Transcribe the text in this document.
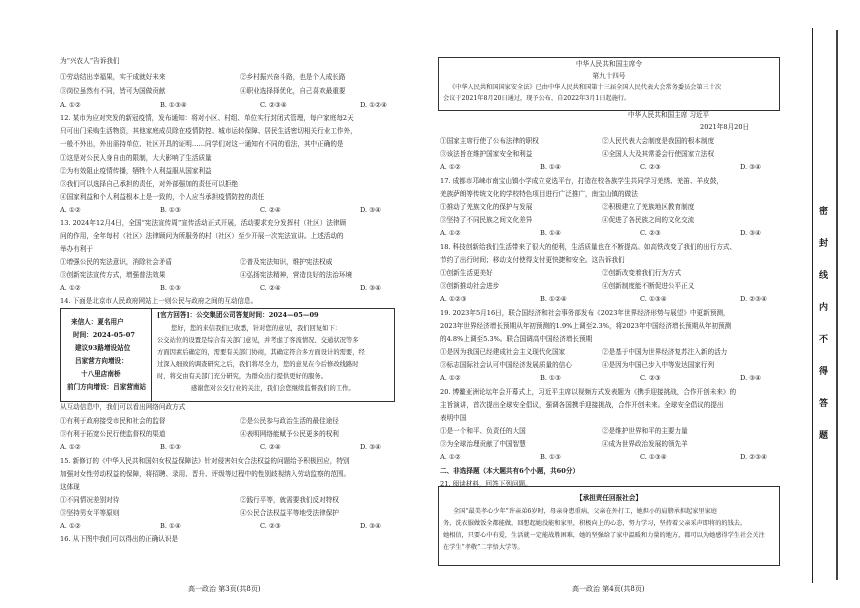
为“兴农人”告诉我们
①劳动结出幸福果，实干成就好未来	②乡村振兴奋斗路，也是个人成长路
③岗位虽然有不同，皆可为国做贡献	④职业选择择优化，自己喜欢最重要
A. ①②	B. ①③④	C. ②③④	D. ①②④
12. 某市为应对突发的新冠疫情，发布通知：将对小区、村组、单位实行封闭式管理，每户家庭每2天
只可出门采购生活物资，其他家庭成员除在疫情防控、城市运转保障、居民生活密切相关行业工作外，
一般不外出，外出需持单位、社区开具的证明……同学们对这一通知有不同的看法，其中正确的是
①这是对公民人身自由的限制，大大影响了生活质量
②为有效阻止疫情传播，牺牲个人利益服从国家利益
③我们可以选择自己承担的责任，对外部强加的责任可以拒绝
④国家利益和个人利益根本上是一致的，个人应当承担疫情防控的责任
A. ①②	B. ①③	C. ②④	D. ③④
13. 2024年12月4日，全国“宪法宣传周”宣传活动正式开展，活动要求充分发挥村（社区）法律顾
问的作用，全年每村（社区）法律顾问为所服务的村（社区）至少开展一次宪法宣讲。上述活动的
举办有利于
①增强公民的宪法意识，消除社会矛盾	②普及宪法知识，维护宪法权威
③创新宪法宣传方式，增强普法效果	④弘扬宪法精神，营造良好的法治环境
A. ①②	B. ①③	C. ②④	D. ③④
14. 下面是北京市人民政府网站上一则公民与政府之间的互动信息。
来信人：夏名用户
时间：2024-05-07
建议93路增设站位
吕家营方向增设：
十八里店南桥
前门方向增设：吕家营南站
[官方回答]：公交集团公司答复时间：2024—05—09
您好，您的来信我们已收悉，针对您的意见，我们回复如下：
公交站位的设置是综合有关部门意见，并考虑了客流情况、交通状况等多
方面因素后确定的，需要有关部门协商，其确定符合多方面设计的需要，经
过深入细致的调查研究之后，我们将尽全力，您的意见在今后修改线路时
时，将交由有关部门充分研究，为群众出行提供更好的服务。
感谢您对公交行业的关注，我们会您继续监督我们的工作。
从互动信息中，我们可以看出网络问政方式
①有利于政府接受市民和社会的监督	②是公民参与政治生活的最佳途径
③有利于拓宽公民行使监督权的渠道	④表明网络能赋予公民更多的权利
A. ①②	B. ①③	C. ②④	D. ③④
15. 新修订的《中华人民共和国妇女权益保障法》针对侵害妇女合法权益的问题给予积极回应，特别
加强对女性劳动权益的保障，将招聘、录用、晋升、评级等过程中的性别歧视纳入劳动监察的范围。
这体现
①不同情况差别对待	②践行平等，就需要我们反对特权
③坚持男女平等原则	④公民合法权益平等地受法律保护
A. ①②	B. ①④	C. ②③	D. ③④
16. 从下图中我们可以得出的正确认识是
高一政治 第3页(共8页)
中华人民共和国主席令
第九十四号
《中华人民共和国国家安全法》已由中华人民共和国第十三届全国人民代表大会常务委员会第三十次
会议于2021年8月20日通过，现予公布，自2022年3月1日起施行。
中华人民共和国主席 习近平
2021年8月20日
①国家主席行使了公布法律的职权	②人民代表大会制度是我国的根本制度
③该法旨在维护国家安全和利益	④全国人大及其常委会行使国家立法权
A. ①②	B. ①④	C. ②③	D. ③④
17. 成都市邛崃市南宝山镇小学成立竞选平台，打造在校各族学生共同学习羌绣、羌笛、羊皮鼓，
羌族萨朗等传统文化的学校特色项目进行广泛推广，南宝山镇的做法
①推动了羌族文化的保护与发展	②积极建立了羌族地区教育制度
③坚持了不同民族之间文化差异	④促进了各民族之间的文化交流
A. ①②	B. ①④	C. ②③	D. ③④
18. 科技创新给我们生活带来了很大的便利，生活质量也在不断提高。如高铁改变了我们的出行方式、
节约了出行时间；移动支付使得支付更快捷和安全。这告诉我们
①创新生活更美好	②创新改变着我们行为方式
③创新推动社会进步	④创新制度能不断促进公平正义
A. ①②③	B. ①②④	C. ①③④	D. ②③④
19. 2023年5月16日，联合国经济和社会事务部发布《2023年世界经济形势与展望》中更新预测，
2023年世界经济增长预期从年初预测的1.9%上调至2.3%，将2023年中国经济增长预期从年初预测
的4.8%上调至5.3%。联合国调高中国经济增长预期
①是因为我国已经建成社会主义现代化国家	②是基于中国为世界经济复苏注入新的活力
③标志国际社会认可中国经济发展质量的信心	④是因为中国已步入中等发达国家行列
A. ①②	B. ①③	C. ②③	D. ③④
20. 博鳌亚洲论坛年会开幕式上，习近平主席以视频方式发表题为《携手迎接挑战，合作开创未来》的
主旨演讲，首次提出全球安全倡议，强调各国携手迎接挑战，合作开创未来。全球安全倡议的提出
表明中国
①是一个和平、负责任的大国	②是维护世界和平的主要力量
③为全球治理贡献了中国智慧	④成为世界政治发展的领先羊
A. ①②	B. ①③	C. ①③④	D. ②③④
二、非选择题（本大题共有6个小题，共60分）
21. 阅读材料，回答下列问题。
【承担责任回报社会】
全国“最美孝心少年”许亲弟6岁时，母亲身患重病，父亲在外打工，她担小的肩膀承担起家里家庭
务，洗衣服做饭全都能做，回想起她没能和家里，积极向上的心态，努力学习，坚持着父亲采声即将的的钱去。
她相信，只要心中有爱，生活就一定能战胜困难，她的坚强给了家中温暖和力量的地方，都可以为她感得学生社会关注
在学生“孝敬”二字悟大学等。
高一政治 第4页(共8页)
密
封
线
内
不
得
答
题
